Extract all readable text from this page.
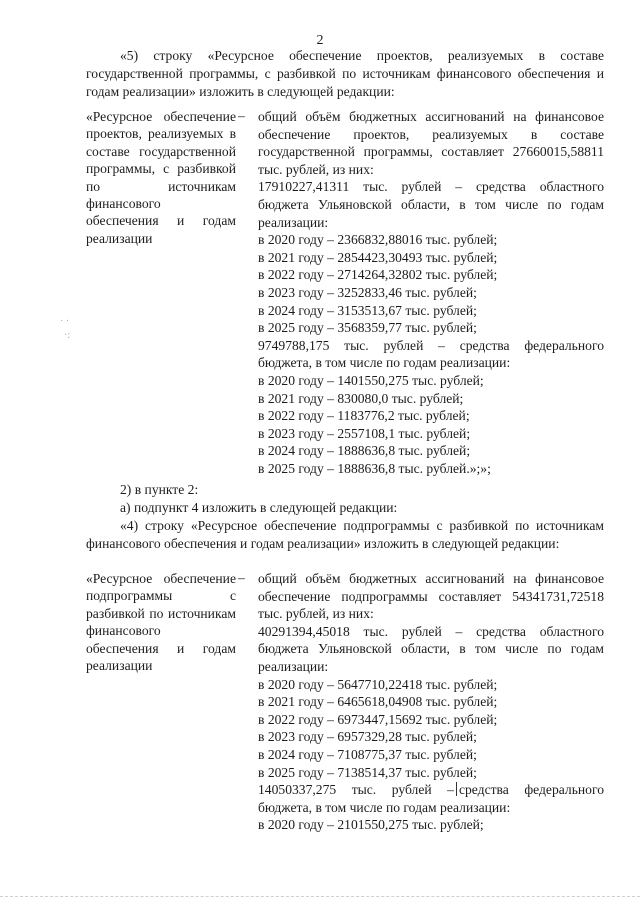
2
«5) строку «Ресурсное обеспечение проектов, реализуемых в составе государственной программы, с разбивкой по источникам финансового обеспечения и годам реализации» изложить в следующей редакции:
«Ресурсное обеспечение проектов, реализуемых в составе государственной программы, с разбивкой по источникам финансового обеспечения и годам реализации
– общий объём бюджетных ассигнований на финансовое обеспечение проектов, реализуемых в составе государственной программы, составляет 27660015,58811 тыс. рублей, из них:
17910227,41311 тыс. рублей – средства областного бюджета Ульяновской области, в том числе по годам реализации:
в 2020 году – 2366832,88016 тыс. рублей;
в 2021 году – 2854423,30493 тыс. рублей;
в 2022 году – 2714264,32802 тыс. рублей;
в 2023 году – 3252833,46 тыс. рублей;
в 2024 году – 3153513,67 тыс. рублей;
в 2025 году – 3568359,77 тыс. рублей;
9749788,175 тыс. рублей – средства федерального бюджета, в том числе по годам реализации:
в 2020 году – 1401550,275 тыс. рублей;
в 2021 году – 830080,0 тыс. рублей;
в 2022 году – 1183776,2 тыс. рублей;
в 2023 году – 2557108,1 тыс. рублей;
в 2024 году – 1888636,8 тыс. рублей;
в 2025 году – 1888636,8 тыс. рублей.»;»;
· ·
·:
2) в пункте 2:
а) подпункт 4 изложить в следующей редакции:
«4) строку «Ресурсное обеспечение подпрограммы с разбивкой по источникам финансового обеспечения и годам реализации» изложить в следующей редакции:
«Ресурсное обеспечение подпрограммы с разбивкой по источникам финансового обеспечения и годам реализации
– общий объём бюджетных ассигнований на финансовое обеспечение подпрограммы составляет 54341731,72518 тыс. рублей, из них:
40291394,45018 тыс. рублей – средства областного бюджета Ульяновской области, в том числе по годам реализации:
в 2020 году – 5647710,22418 тыс. рублей;
в 2021 году – 6465618,04908 тыс. рублей;
в 2022 году – 6973447,15692 тыс. рублей;
в 2023 году – 6957329,28 тыс. рублей;
в 2024 году – 7108775,37 тыс. рублей;
в 2025 году – 7138514,37 тыс. рублей;
14050337,275 тыс. рублей – средства федерального бюджета, в том числе по годам реализации:
в 2020 году – 2101550,275 тыс. рублей;
